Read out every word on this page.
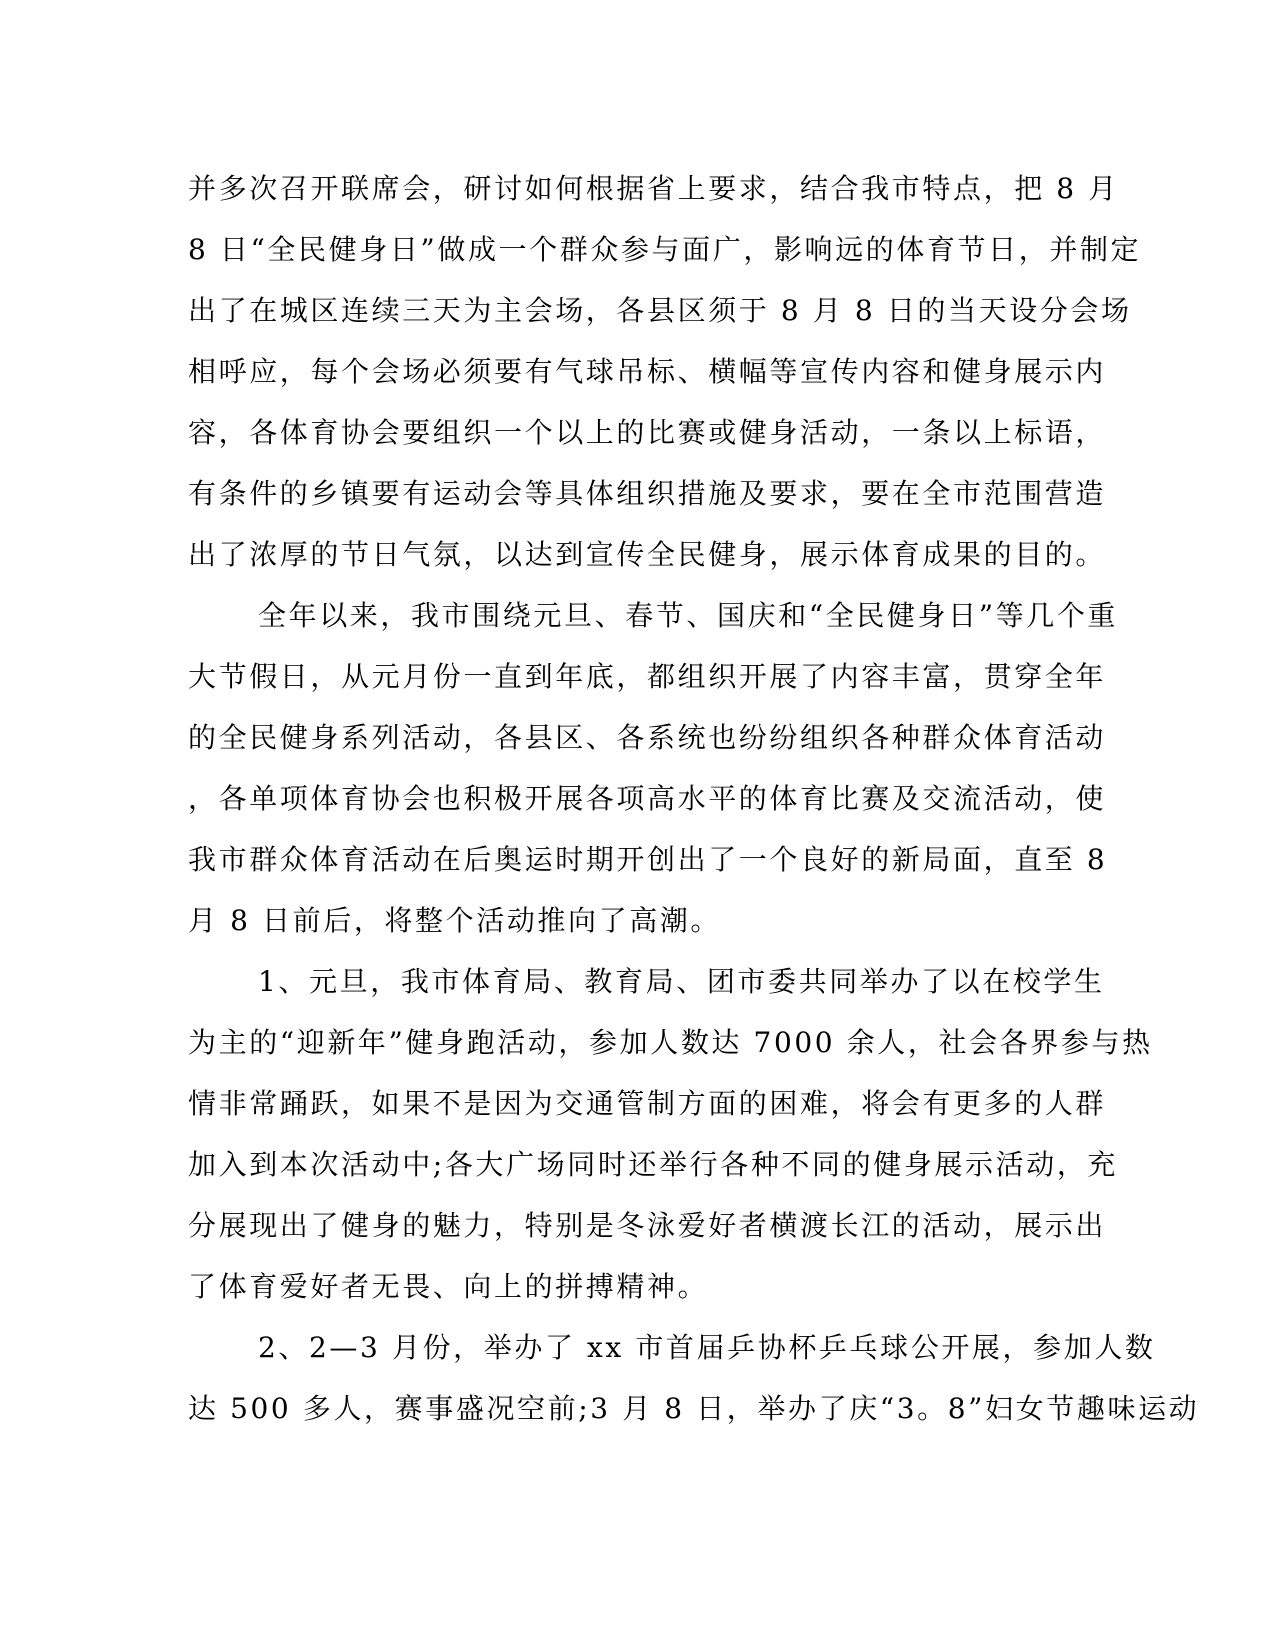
并多次召开联席会，研讨如何根据省上要求，结合我市特点，把 8 月
8 日“全民健身日”做成一个群众参与面广，影响远的体育节日，并制定
出了在城区连续三天为主会场，各县区须于 8 月 8 日的当天设分会场
相呼应，每个会场必须要有气球吊标、横幅等宣传内容和健身展示内
容，各体育协会要组织一个以上的比赛或健身活动，一条以上标语，
有条件的乡镇要有运动会等具体组织措施及要求，要在全市范围营造
出了浓厚的节日气氛，以达到宣传全民健身，展示体育成果的目的。
全年以来，我市围绕元旦、春节、国庆和“全民健身日”等几个重
大节假日，从元月份一直到年底，都组织开展了内容丰富，贯穿全年
的全民健身系列活动，各县区、各系统也纷纷组织各种群众体育活动
，各单项体育协会也积极开展各项高水平的体育比赛及交流活动，使
我市群众体育活动在后奥运时期开创出了一个良好的新局面，直至 8
月 8 日前后，将整个活动推向了高潮。
1、元旦，我市体育局、教育局、团市委共同举办了以在校学生
为主的“迎新年”健身跑活动，参加人数达 7000 余人，社会各界参与热
情非常踊跃，如果不是因为交通管制方面的困难，将会有更多的人群
加入到本次活动中;各大广场同时还举行各种不同的健身展示活动，充
分展现出了健身的魅力，特别是冬泳爱好者横渡长江的活动，展示出
了体育爱好者无畏、向上的拼搏精神。
2、2—3 月份，举办了 xx 市首届乒协杯乒乓球公开展，参加人数
达 500 多人，赛事盛况空前;3 月 8 日，举办了庆“3。8”妇女节趣味运动
